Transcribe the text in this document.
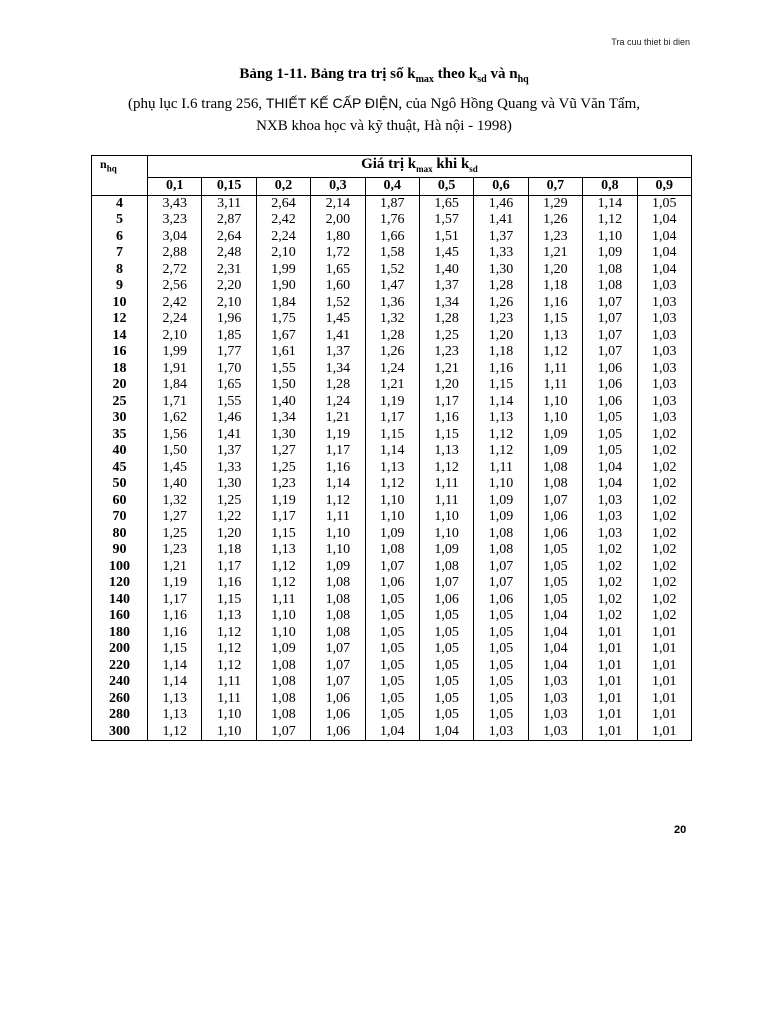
Tra cuu thiet bi dien
Bảng 1-11. Bảng tra trị số $k_{max}$ theo $k_{sd}$ và $n_{hq}$
(phụ lục I.6 trang 256, THIẾT KẾ CẤP ĐIỆN, của Ngô Hồng Quang và Vũ Văn Tẩm,
NXB khoa học và kỹ thuật, Hà nội - 1998)
$n_{hq}$	Giá trị $k_{max}$ khi $k_{sd}$
	0,1	0,15	0,2	0,3	0,4	0,5	0,6	0,7	0,8	0,9
4	3,43	3,11	2,64	2,14	1,87	1,65	1,46	1,29	1,14	1,05
5	3,23	2,87	2,42	2,00	1,76	1,57	1,41	1,26	1,12	1,04
6	3,04	2,64	2,24	1,80	1,66	1,51	1,37	1,23	1,10	1,04
7	2,88	2,48	2,10	1,72	1,58	1,45	1,33	1,21	1,09	1,04
8	2,72	2,31	1,99	1,65	1,52	1,40	1,30	1,20	1,08	1,04
9	2,56	2,20	1,90	1,60	1,47	1,37	1,28	1,18	1,08	1,03
10	2,42	2,10	1,84	1,52	1,36	1,34	1,26	1,16	1,07	1,03
12	2,24	1,96	1,75	1,45	1,32	1,28	1,23	1,15	1,07	1,03
14	2,10	1,85	1,67	1,41	1,28	1,25	1,20	1,13	1,07	1,03
16	1,99	1,77	1,61	1,37	1,26	1,23	1,18	1,12	1,07	1,03
18	1,91	1,70	1,55	1,34	1,24	1,21	1,16	1,11	1,06	1,03
20	1,84	1,65	1,50	1,28	1,21	1,20	1,15	1,11	1,06	1,03
25	1,71	1,55	1,40	1,24	1,19	1,17	1,14	1,10	1,06	1,03
30	1,62	1,46	1,34	1,21	1,17	1,16	1,13	1,10	1,05	1,03
35	1,56	1,41	1,30	1,19	1,15	1,15	1,12	1,09	1,05	1,02
40	1,50	1,37	1,27	1,17	1,14	1,13	1,12	1,09	1,05	1,02
45	1,45	1,33	1,25	1,16	1,13	1,12	1,11	1,08	1,04	1,02
50	1,40	1,30	1,23	1,14	1,12	1,11	1,10	1,08	1,04	1,02
60	1,32	1,25	1,19	1,12	1,10	1,11	1,09	1,07	1,03	1,02
70	1,27	1,22	1,17	1,11	1,10	1,10	1,09	1,06	1,03	1,02
80	1,25	1,20	1,15	1,10	1,09	1,10	1,08	1,06	1,03	1,02
90	1,23	1,18	1,13	1,10	1,08	1,09	1,08	1,05	1,02	1,02
100	1,21	1,17	1,12	1,09	1,07	1,08	1,07	1,05	1,02	1,02
120	1,19	1,16	1,12	1,08	1,06	1,07	1,07	1,05	1,02	1,02
140	1,17	1,15	1,11	1,08	1,05	1,06	1,06	1,05	1,02	1,02
160	1,16	1,13	1,10	1,08	1,05	1,05	1,05	1,04	1,02	1,02
180	1,16	1,12	1,10	1,08	1,05	1,05	1,05	1,04	1,01	1,01
200	1,15	1,12	1,09	1,07	1,05	1,05	1,05	1,04	1,01	1,01
220	1,14	1,12	1,08	1,07	1,05	1,05	1,05	1,04	1,01	1,01
240	1,14	1,11	1,08	1,07	1,05	1,05	1,05	1,03	1,01	1,01
260	1,13	1,11	1,08	1,06	1,05	1,05	1,05	1,03	1,01	1,01
280	1,13	1,10	1,08	1,06	1,05	1,05	1,05	1,03	1,01	1,01
300	1,12	1,10	1,07	1,06	1,04	1,04	1,03	1,03	1,01	1,01
20
